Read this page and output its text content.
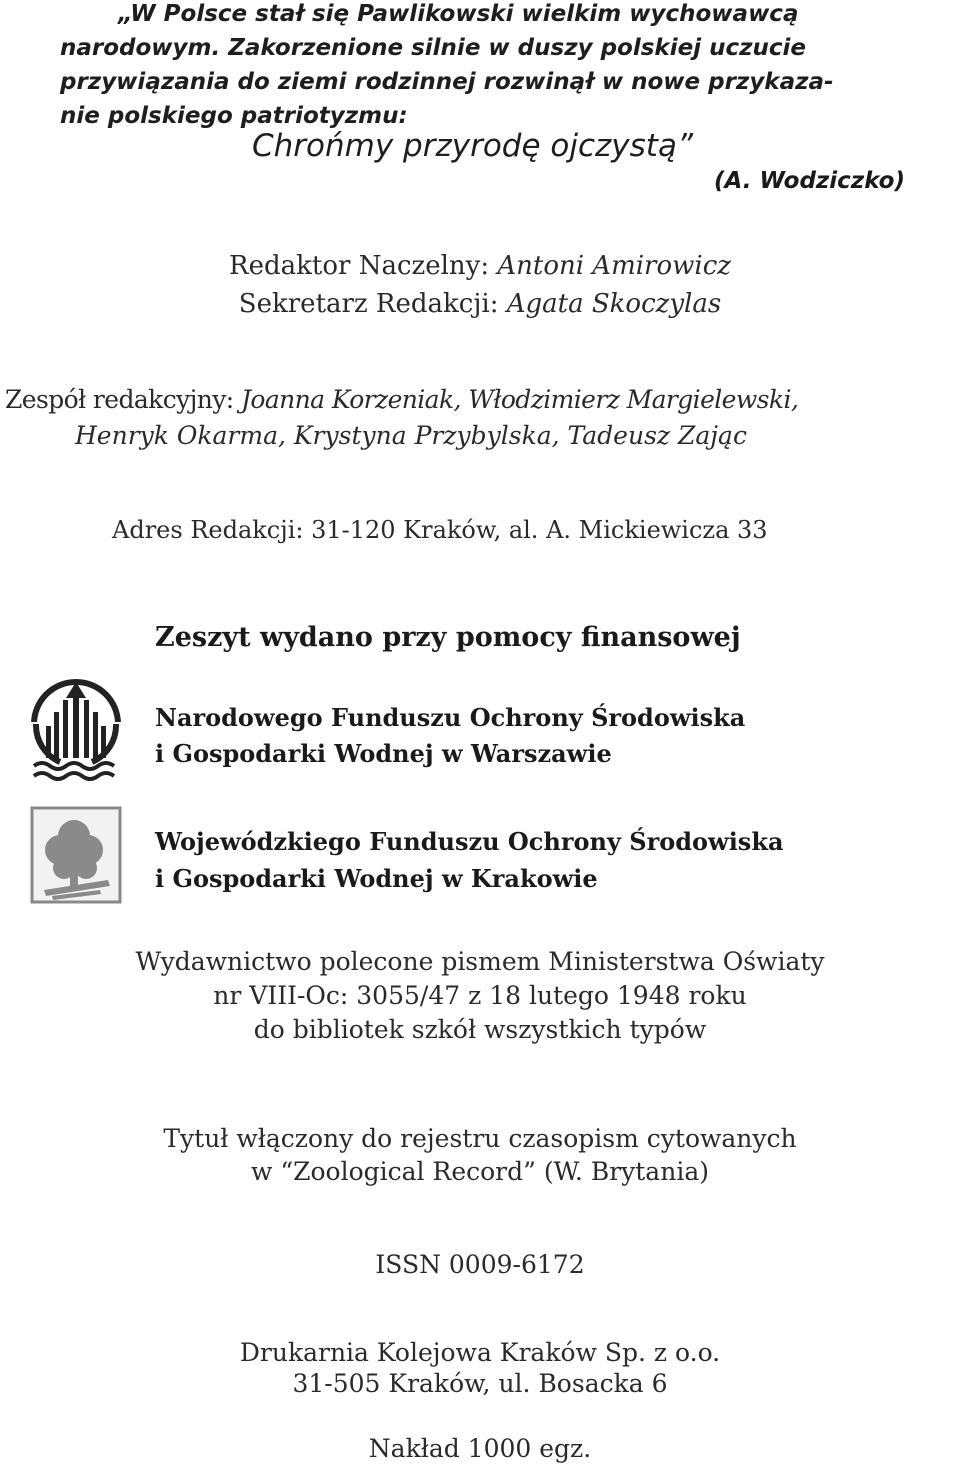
„W Polsce stał się Pawlikowski wielkim wychowawcą

narodowym. Zakorzenione silnie w duszy polskiej uczucie

przywiązania do ziemi rodzinnej rozwinął w nowe przykaza-

nie polskiego patriotyzmu:

Chrońmy przyrodę ojczystą”

(A. Wodziczko)

Redaktor Naczelny: Antoni Amirowicz

Sekretarz Redakcji: Agata Skoczylas

Zespół redakcyjny: Joanna Korzeniak, Włodzimierz Margielewski,

Henryk Okarma, Krystyna Przybylska, Tadeusz Zając

Adres Redakcji: 31-120 Kraków, al. A. Mickiewicza 33

Zeszyt wydano przy pomocy finansowej

Narodowego Funduszu Ochrony Środowiska

i Gospodarki Wodnej w Warszawie

Wojewódzkiego Funduszu Ochrony Środowiska

i Gospodarki Wodnej w Krakowie

Wydawnictwo polecone pismem Ministerstwa Oświaty

nr VIII-Oc: 3055/47 z 18 lutego 1948 roku

do bibliotek szkół wszystkich typów

Tytuł włączony do rejestru czasopism cytowanych

w “Zoological Record” (W. Brytania)

ISSN 0009-6172

Drukarnia Kolejowa Kraków Sp. z o.o.

31-505 Kraków, ul. Bosacka 6

Nakład 1000 egz.
